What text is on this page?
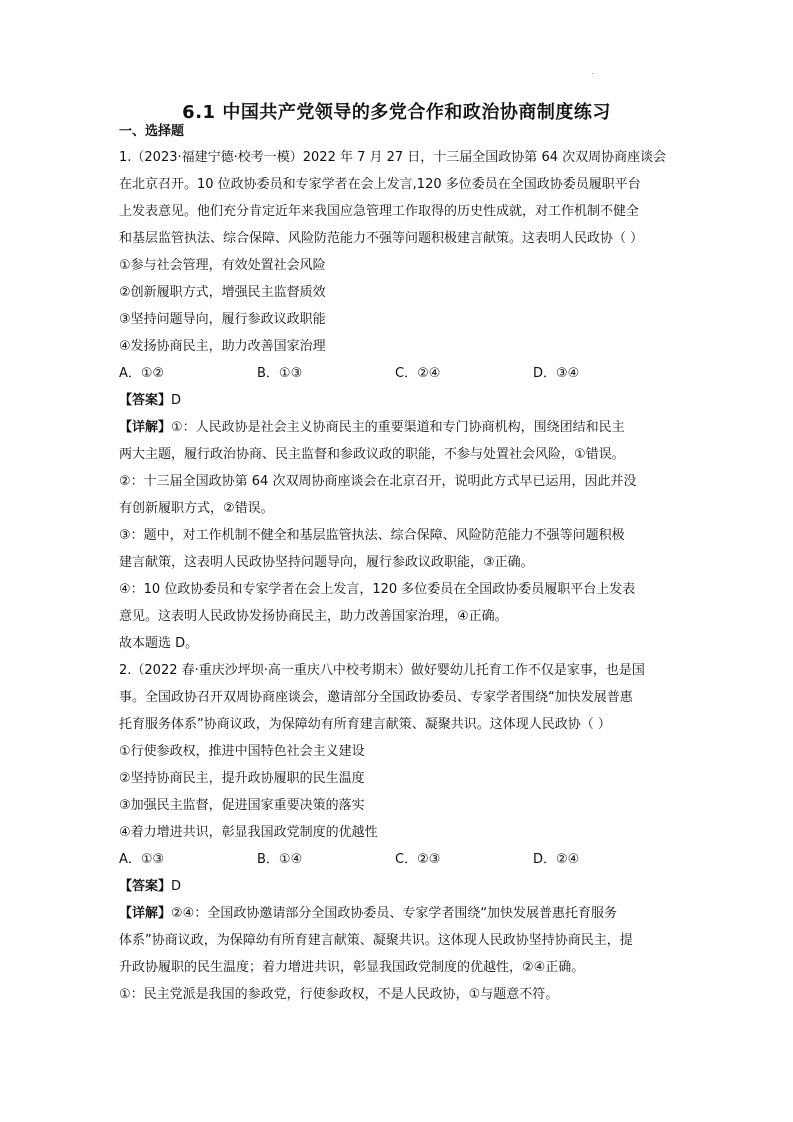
6.1 中国共产党领导的多党合作和政治协商制度练习
一、选择题
1.（2023·福建宁德·校考一模）2022 年 7 月 27 日，十三届全国政协第 64 次双周协商座谈会
在北京召开。10 位政协委员和专家学者在会上发言,120 多位委员在全国政协委员履职平台
上发表意见。他们充分肯定近年来我国应急管理工作取得的历史性成就，对工作机制不健全
和基层监管执法、综合保障、风险防范能力不强等问题积极建言献策。这表明人民政协（ ）
①参与社会管理，有效处置社会风险
②创新履职方式，增强民主监督质效
③坚持问题导向，履行参政议政职能
④发扬协商民主，助力改善国家治理
A．①②	B．①③	C．②④	D．③④
【答案】D
【详解】①：人民政协是社会主义协商民主的重要渠道和专门协商机构，围绕团结和民主
两大主题，履行政治协商、民主监督和参政议政的职能，不参与处置社会风险，①错误。
②：十三届全国政协第 64 次双周协商座谈会在北京召开，说明此方式早已运用，因此并没
有创新履职方式，②错误。
③：题中，对工作机制不健全和基层监管执法、综合保障、风险防范能力不强等问题积极
建言献策，这表明人民政协坚持问题导向，履行参政议政职能，③正确。
④：10 位政协委员和专家学者在会上发言，120 多位委员在全国政协委员履职平台上发表
意见。这表明人民政协发扬协商民主，助力改善国家治理，④正确。
故本题选 D。
2.（2022 春·重庆沙坪坝·高一重庆八中校考期末）做好婴幼儿托育工作不仅是家事，也是国
事。全国政协召开双周协商座谈会，邀请部分全国政协委员、专家学者围绕“加快发展普惠
托育服务体系”协商议政，为保障幼有所育建言献策、凝聚共识。这体现人民政协（ ）
①行使参政权，推进中国特色社会主义建设
②坚持协商民主，提升政协履职的民生温度
③加强民主监督，促进国家重要决策的落实
④着力增进共识，彰显我国政党制度的优越性
A．①③	B．①④	C．②③	D．②④
【答案】D
【详解】②④：全国政协邀请部分全国政协委员、专家学者围绕“加快发展普惠托育服务
体系”协商议政，为保障幼有所育建言献策、凝聚共识。这体现人民政协坚持协商民主，提
升政协履职的民生温度；着力增进共识，彰显我国政党制度的优越性，②④正确。
①：民主党派是我国的参政党，行使参政权，不是人民政协，①与题意不符。
